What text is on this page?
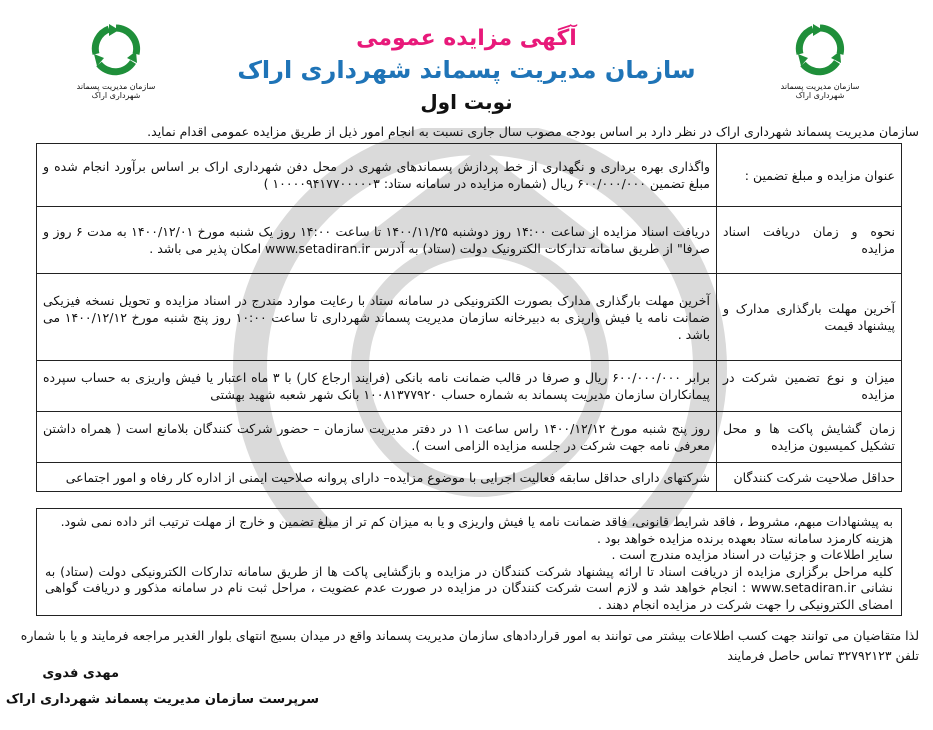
سازمان مدیریت پسماند شهرداری اراک
سازمان مدیریت پسماند شهرداری اراک
آگهی مزایده عمومی
سازمان مدیریت پسماند شهرداری اراک
نوبت اول
سازمان مدیریت پسماند شهرداری اراک در نظر دارد بر اساس بودجه مصوب سال جاری نسبت به انجام امور ذیل از طریق مزایده عمومی اقدام نماید.
عنوان مزایده و مبلغ تضمین :	واگذاری بهره برداری و نگهداری از خط پردازش پسماندهای شهری در محل دفن شهرداری اراک بر اساس برآورد انجام شده و مبلغ تضمین ۶۰۰/۰۰۰/۰۰۰ ریال (شماره مزایده در سامانه ستاد: ۱۰۰۰۰۹۴۱۷۷۰۰۰۰۰۳ )
نحوه و زمان دریافت اسناد مزایده	دریافت اسناد مزایده از ساعت ۱۴:۰۰ روز دوشنبه ۱۴۰۰/۱۱/۲۵ تا ساعت ۱۴:۰۰ روز یک شنبه مورخ ۱۴۰۰/۱۲/۰۱ به مدت ۶ روز و صرفا" از طریق سامانه تدارکات الکترونیک دولت (ستاد) به آدرس www.setadiran.ir امکان پذیر می باشد .
آخرین مهلت بارگذاری مدارک و پیشنهاد قیمت	آخرین مهلت بارگذاری مدارک بصورت الکترونیکی در سامانه ستاد با رعایت موارد مندرج در اسناد مزایده و تحویل نسخه فیزیکی ضمانت نامه یا فیش واریزی به دبیرخانه سازمان مدیریت پسماند شهرداری تا ساعت ۱۰:۰۰ روز پنج شنبه مورخ ۱۴۰۰/۱۲/۱۲ می باشد .
میزان و نوع تضمین شرکت در مزایده	برابر ۶۰۰/۰۰۰/۰۰۰ ریال و صرفا در قالب ضمانت نامه بانکی (فرایند ارجاع کار) با ۳ ماه اعتبار یا فیش واریزی به حساب سپرده پیمانکاران سازمان مدیریت پسماند به شماره حساب ۱۰۰۸۱۳۷۷۹۲۰ بانک شهر شعبه شهید بهشتی
زمان گشایش پاکت ها و محل تشکیل کمیسیون مزایده	روز پنج شنبه مورخ ۱۴۰۰/۱۲/۱۲ راس ساعت ۱۱ در دفتر مدیریت سازمان – حضور شرکت کنندگان بلامانع است ( همراه داشتن معرفی نامه جهت شرکت در جلسه مزایده الزامی است ).
حداقل صلاحیت شرکت کنندگان	شرکتهای دارای حداقل سابقه فعالیت اجرایی با موضوع مزایده– دارای پروانه صلاحیت ایمنی از اداره کار رفاه و امور اجتماعی

به پیشنهادات مبهم، مشروط ، فاقد شرایط قانونی، فاقد ضمانت نامه یا فیش واریزی و یا به میزان کم تر از مبلغ تضمین و خارج از مهلت ترتیب اثر داده نمی شود.

هزینه کارمزد سامانه ستاد بعهده برنده مزایده خواهد بود .

سایر اطلاعات و جزئیات در اسناد مزایده مندرج است .

کلیه مراحل برگزاری مزایده از دریافت اسناد تا ارائه پیشنهاد شرکت کنندگان در مزایده و بازگشایی پاکت ها از طریق سامانه تدارکات الکترونیکی دولت (ستاد) به نشانی www.setadiran.ir : انجام خواهد شد و لازم است شرکت کنندگان در مزایده در صورت عدم عضویت ، مراحل ثبت نام در سامانه مذکور و دریافت گواهی امضای الکترونیکی را جهت شرکت در مزایده انجام دهند .

لذا متقاضیان می توانند جهت کسب اطلاعات بیشتر می توانند به امور قراردادهای سازمان مدیریت پسماند واقع در میدان بسیج انتهای بلوار الغدیر مراجعه فرمایند و یا با شماره تلفن ۳۲۷۹۲۱۲۳ تماس حاصل فرمایند
مهدی فدوی
سرپرست سازمان مدیریت پسماند شهرداری اراک
